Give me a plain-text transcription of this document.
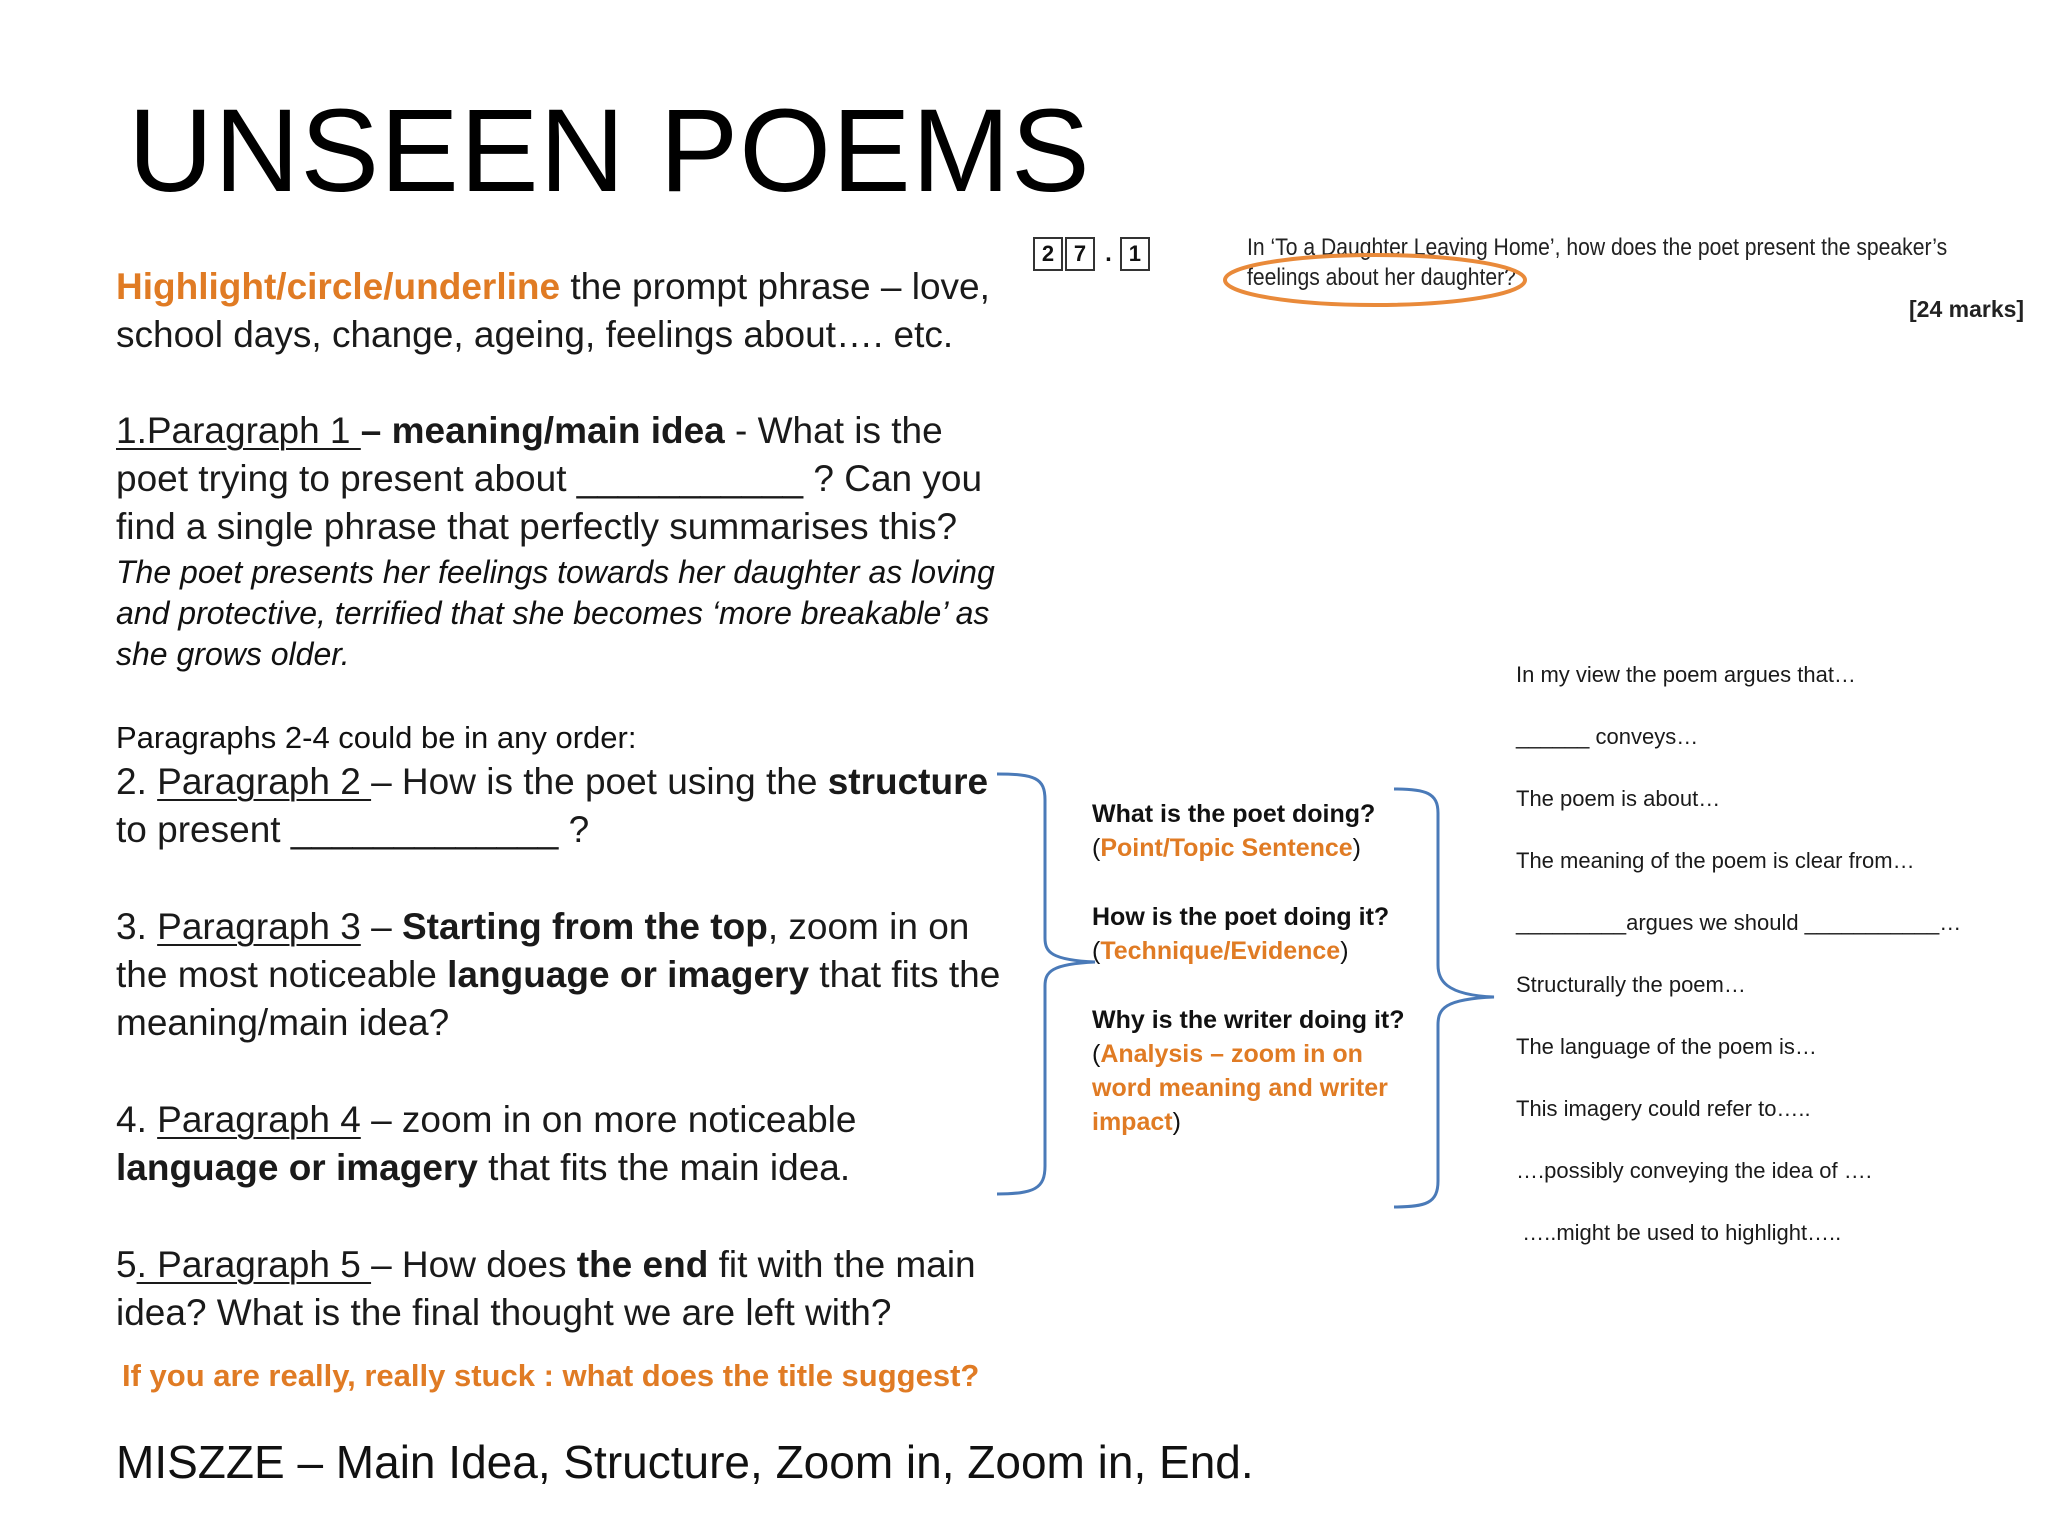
UNSEEN POEMS
Highlight/circle/underline the prompt phrase – love, school days, change, ageing, feelings about…. etc.
1.Paragraph 1 – meaning/main idea - What is the poet trying to present about ___________ ? Can you find a single phrase that perfectly summarises this?
The poet presents her feelings towards her daughter as loving and protective, terrified that she becomes ‘more breakable’ as she grows older.
Paragraphs 2-4 could be in any order:
2. Paragraph 2 – How is the poet using the structure to present _____________ ?
3. Paragraph 3 – Starting from the top, zoom in on the most noticeable language or imagery that fits the meaning/main idea?
4. Paragraph 4 – zoom in on more noticeable language or imagery that fits the main idea.
5. Paragraph 5 – How does the end fit with the main idea? What is the final thought we are left with?
If you are really, really stuck : what does the title suggest?
MISZZE – Main Idea, Structure, Zoom in, Zoom in, End.
2 7 . 1	In ‘To a Daughter Leaving Home’, how does the poet present the speaker’s
feelings about her daughter?
[24 marks]
What is the poet doing?
(Point/Topic Sentence)
How is the poet doing it?
(Technique/Evidence)
Why is the writer doing it?
(Analysis – zoom in on word meaning and writer impact)
In my view the poem argues that…
______ conveys…
The poem is about…
The meaning of the poem is clear from…
_________argues we should ___________…
Structurally the poem…
The language of the poem is…
This imagery could refer to…..
….possibly conveying the idea of ….
…..might be used to highlight…..
